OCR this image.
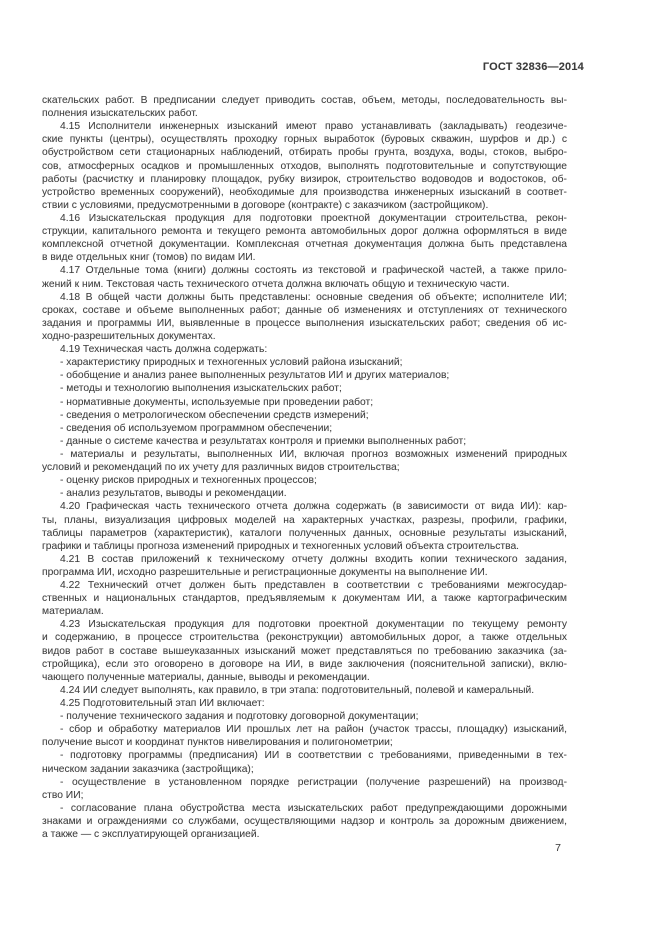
ГОСТ 32836—2014
скательских работ. В предписании следует приводить состав, объем, методы, последовательность вы-
полнения изыскательских работ.
4.15 Исполнители инженерных изысканий имеют право устанавливать (закладывать) геодезиче-
ские пункты (центры), осуществлять проходку горных выработок (буровых скважин, шурфов и др.) с
обустройством сети стационарных наблюдений, отбирать пробы грунта, воздуха, воды, стоков, выбро-
сов, атмосферных осадков и промышленных отходов, выполнять подготовительные и сопутствующие
работы (расчистку и планировку площадок, рубку визирок, строительство водоводов и водостоков, об-
устройство временных сооружений), необходимые для производства инженерных изысканий в соответ-
ствии с условиями, предусмотренными в договоре (контракте) с заказчиком (застройщиком).
4.16 Изыскательская продукция для подготовки проектной документации строительства, рекон-
струкции, капитального ремонта и текущего ремонта автомобильных дорог должна оформляться в виде
комплексной отчетной документации. Комплексная отчетная документация должна быть представлена
в виде отдельных книг (томов) по видам ИИ.
4.17 Отдельные тома (книги) должны состоять из текстовой и графической частей, а также прило-
жений к ним. Текстовая часть технического отчета должна включать общую и техническую части.
4.18 В общей части должны быть представлены: основные сведения об объекте; исполнителе ИИ;
сроках, составе и объеме выполненных работ; данные об изменениях и отступлениях от технического
задания и программы ИИ, выявленные в процессе выполнения изыскательских работ; сведения об ис-
ходно-разрешительных документах.
4.19 Техническая часть должна содержать:
- характеристику природных и техногенных условий района изысканий;
- обобщение и анализ ранее выполненных результатов ИИ и других материалов;
- методы и технологию выполнения изыскательских работ;
- нормативные документы, используемые при проведении работ;
- сведения о метрологическом обеспечении средств измерений;
- сведения об используемом программном обеспечении;
- данные о системе качества и результатах контроля и приемки выполненных работ;
- материалы и результаты, выполненных ИИ, включая прогноз возможных изменений природных
условий и рекомендаций по их учету для различных видов строительства;
- оценку рисков природных и техногенных процессов;
- анализ результатов, выводы и рекомендации.
4.20 Графическая часть технического отчета должна содержать (в зависимости от вида ИИ): кар-
ты, планы, визуализация цифровых моделей на характерных участках, разрезы, профили, графики,
таблицы параметров (характеристик), каталоги полученных данных, основные результаты изысканий,
графики и таблицы прогноза изменений природных и техногенных условий объекта строительства.
4.21 В состав приложений к техническому отчету должны входить копии технического задания,
программа ИИ, исходно разрешительные и регистрационные документы на выполнение ИИ.
4.22 Технический отчет должен быть представлен в соответствии с требованиями межгосудар-
ственных и национальных стандартов, предъявляемым к документам ИИ, а также картографическим
материалам.
4.23 Изыскательская продукция для подготовки проектной документации по текущему ремонту
и содержанию, в процессе строительства (реконструкции) автомобильных дорог, а также отдельных
видов работ в составе вышеуказанных изысканий может представляться по требованию заказчика (за-
стройщика), если это оговорено в договоре на ИИ, в виде заключения (пояснительной записки), вклю-
чающего полученные материалы, данные, выводы и рекомендации.
4.24 ИИ следует выполнять, как правило, в три этапа: подготовительный, полевой и камеральный.
4.25 Подготовительный этап ИИ включает:
- получение технического задания и подготовку договорной документации;
- сбор и обработку материалов ИИ прошлых лет на район (участок трассы, площадку) изысканий,
получение высот и координат пунктов нивелирования и полигонометрии;
- подготовку программы (предписания) ИИ в соответствии с требованиями, приведенными в тех-
ническом задании заказчика (застройщика);
- осуществление в установленном порядке регистрации (получение разрешений) на производ-
ство ИИ;
- согласование плана обустройства места изыскательских работ предупреждающими дорожными
знаками и ограждениями со службами, осуществляющими надзор и контроль за дорожным движением,
а также — с эксплуатирующей организацией.
7
